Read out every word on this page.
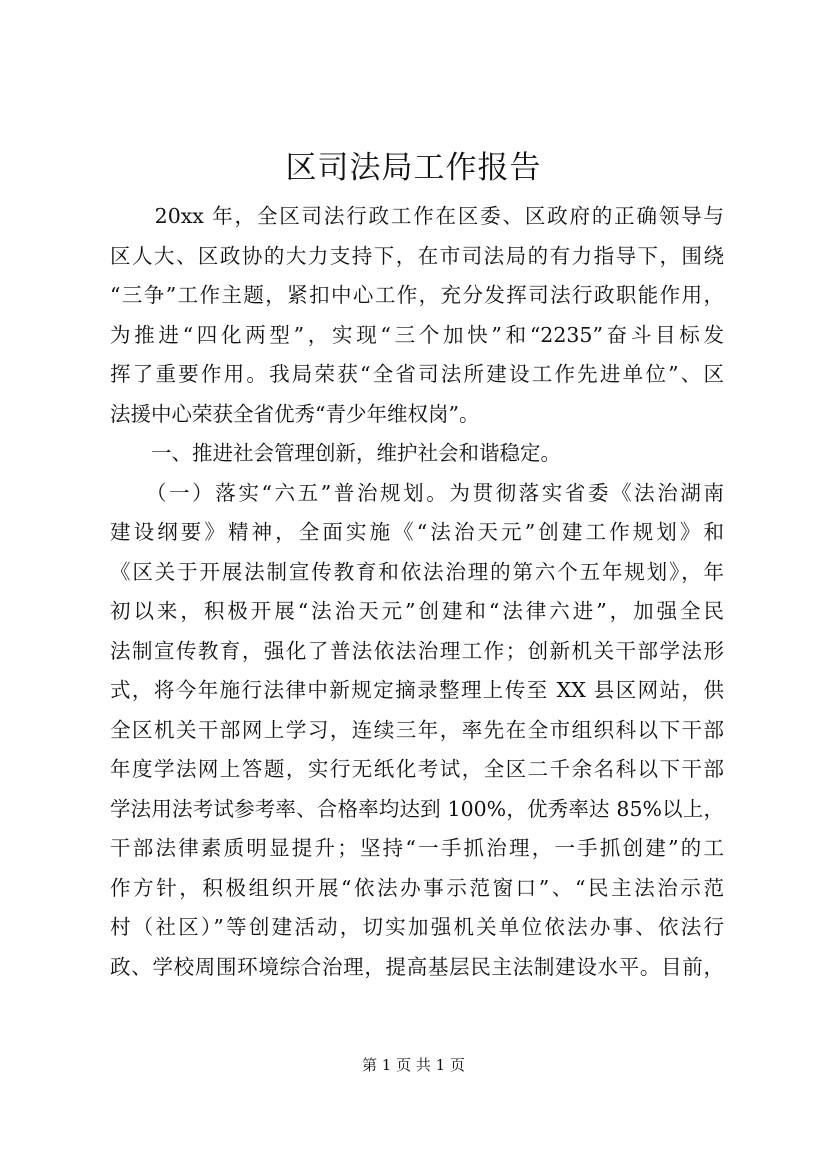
区司法局工作报告
　　20xx 年，全区司法行政工作在区委、区政府的正确领导与
区人大、区政协的大力支持下，在市司法局的有力指导下，围绕
“三争”工作主题，紧扣中心工作，充分发挥司法行政职能作用，
为推进“四化两型”，实现“三个加快”和“2235”奋斗目标发
挥了重要作用。我局荣获“全省司法所建设工作先进单位”、区
法援中心荣获全省优秀“青少年维权岗”。
　　一、推进社会管理创新，维护社会和谐稳定。
　　（一）落实“六五”普治规划。为贯彻落实省委《法治湖南
建设纲要》精神，全面实施《“法治天元”创建工作规划》和
《区关于开展法制宣传教育和依法治理的第六个五年规划》，年
初以来，积极开展“法治天元”创建和“法律六进”，加强全民
法制宣传教育，强化了普法依法治理工作；创新机关干部学法形
式，将今年施行法律中新规定摘录整理上传至 XX 县区网站，供
全区机关干部网上学习，连续三年，率先在全市组织科以下干部
年度学法网上答题，实行无纸化考试，全区二千余名科以下干部
学法用法考试参考率、合格率均达到 100%，优秀率达 85%以上，
干部法律素质明显提升；坚持“一手抓治理，一手抓创建”的工
作方针，积极组织开展“依法办事示范窗口”、“民主法治示范
村（社区）”等创建活动，切实加强机关单位依法办事、依法行
政、学校周围环境综合治理，提高基层民主法制建设水平。目前，
第 1 页 共 1 页
